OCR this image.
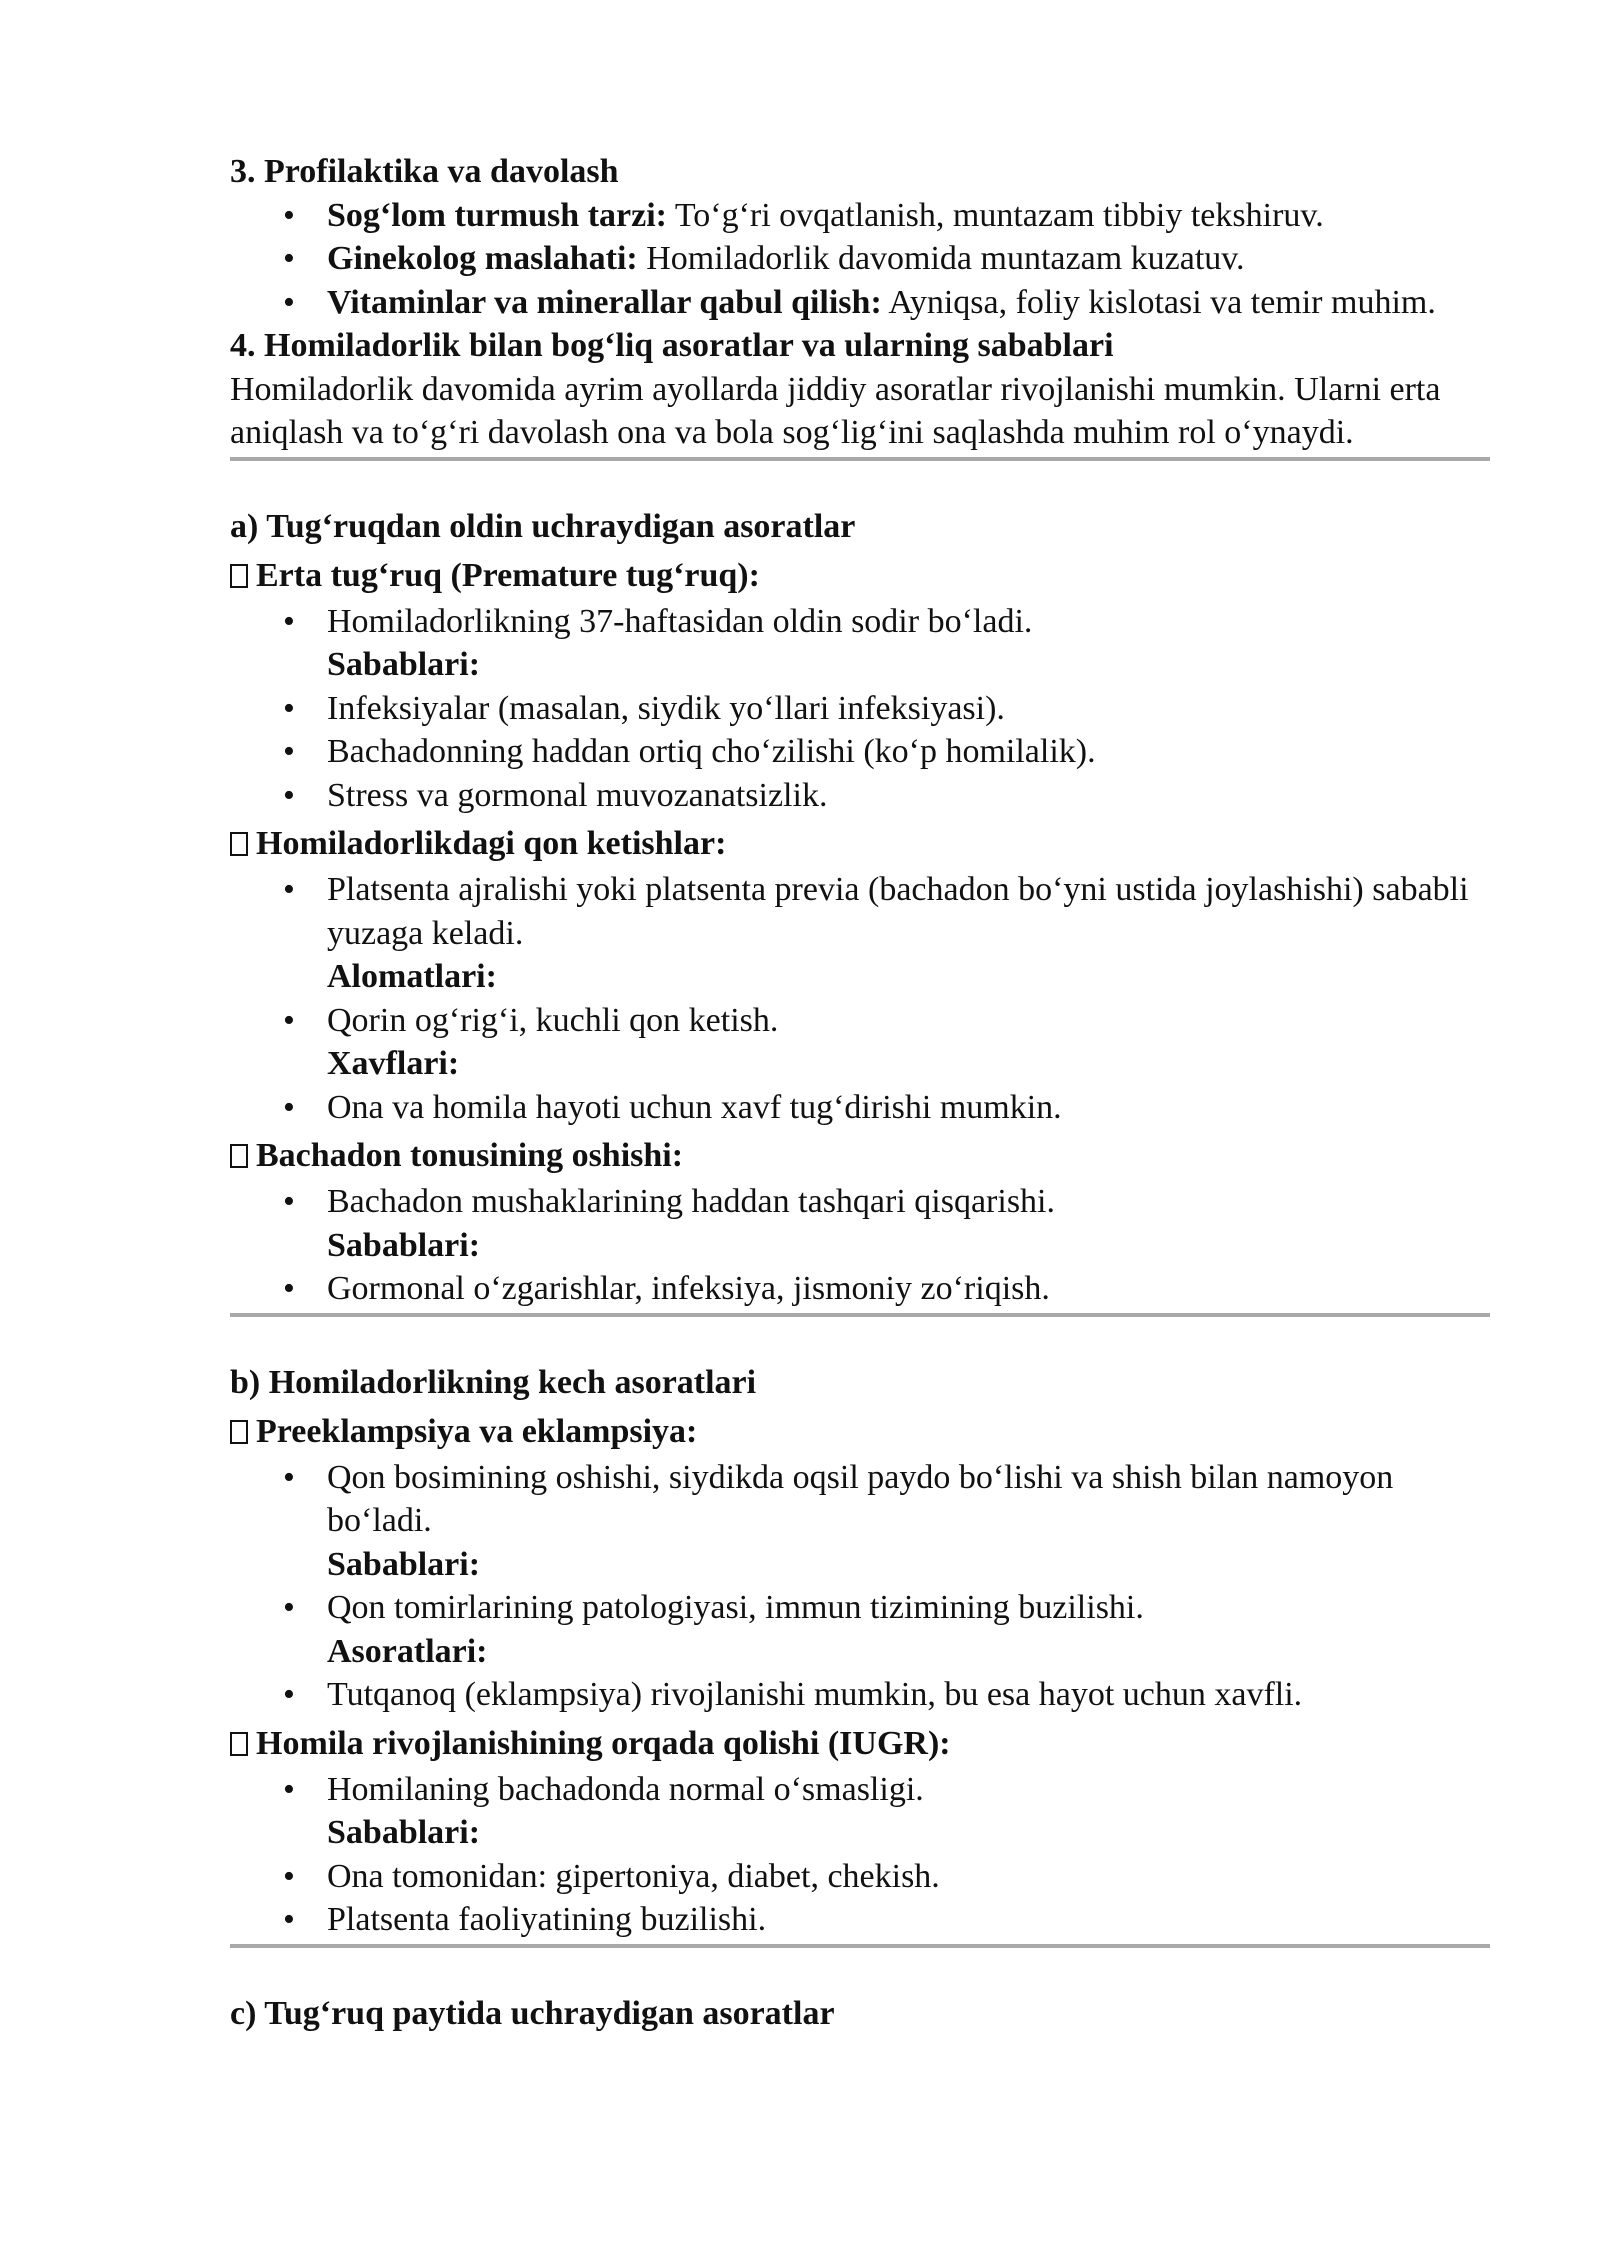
3. Profilaktika va davolash
• Sog‘lom turmush tarzi: To‘g‘ri ovqatlanish, muntazam tibbiy tekshiruv.
• Ginekolog maslahati: Homiladorlik davomida muntazam kuzatuv.
• Vitaminlar va minerallar qabul qilish: Ayniqsa, foliy kislotasi va temir muhim.
4. Homiladorlik bilan bog‘liq asoratlar va ularning sabablari
Homiladorlik davomida ayrim ayollarda jiddiy asoratlar rivojlanishi mumkin. Ularni erta aniqlash va to‘g‘ri davolash ona va bola sog‘lig‘ini saqlashda muhim rol o‘ynaydi.
a) Tug‘ruqdan oldin uchraydigan asoratlar
Erta tug‘ruq (Premature tug‘ruq):
• Homiladorlikning 37-haftasidan oldin sodir bo‘ladi.
Sabablari:
• Infeksiyalar (masalan, siydik yo‘llari infeksiyasi).
• Bachadonning haddan ortiq cho‘zilishi (ko‘p homilalik).
• Stress va gormonal muvozanatsizlik.
Homiladorlikdagi qon ketishlar:
• Platsenta ajralishi yoki platsenta previa (bachadon bo‘yni ustida joylashishi) sababli yuzaga keladi.
Alomatlari:
• Qorin og‘rig‘i, kuchli qon ketish.
Xavflari:
• Ona va homila hayoti uchun xavf tug‘dirishi mumkin.
Bachadon tonusining oshishi:
• Bachadon mushaklarining haddan tashqari qisqarishi.
Sabablari:
• Gormonal o‘zgarishlar, infeksiya, jismoniy zo‘riqish.
b) Homiladorlikning kech asoratlari
Preeklampsiya va eklampsiya:
• Qon bosimining oshishi, siydikda oqsil paydo bo‘lishi va shish bilan namoyon bo‘ladi.
Sabablari:
• Qon tomirlarining patologiyasi, immun tizimining buzilishi.
Asoratlari:
• Tutqanoq (eklampsiya) rivojlanishi mumkin, bu esa hayot uchun xavfli.
Homila rivojlanishining orqada qolishi (IUGR):
• Homilaning bachadonda normal o‘smasligi.
Sabablari:
• Ona tomonidan: gipertoniya, diabet, chekish.
• Platsenta faoliyatining buzilishi.
c) Tug‘ruq paytida uchraydigan asoratlar
